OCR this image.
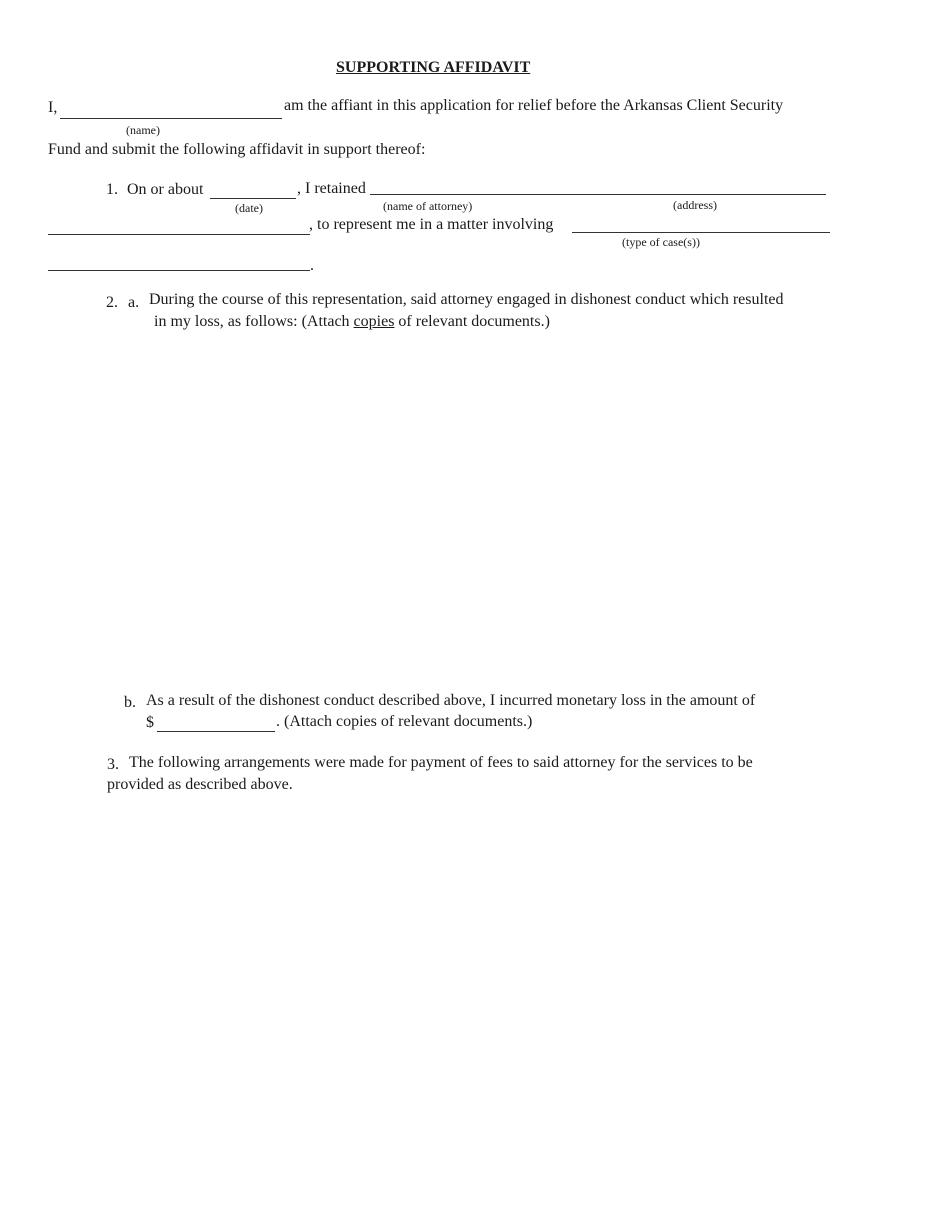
SUPPORTING AFFIDAVIT
I,	am the affiant in this application for relief before the Arkansas Client Security
(name)
Fund and submit the following affidavit in support thereof:
1. On or about	, I retained
(date)	(name of attorney)	(address)
, to represent me in a matter involving
(type of case(s))
.
2. a. During the course of this representation, said attorney engaged in dishonest conduct which resulted
in my loss, as follows: (Attach copies of relevant documents.)
b. As a result of the dishonest conduct described above, I incurred monetary loss in the amount of
$	. (Attach copies of relevant documents.)
3. The following arrangements were made for payment of fees to said attorney for the services to be
provided as described above.
